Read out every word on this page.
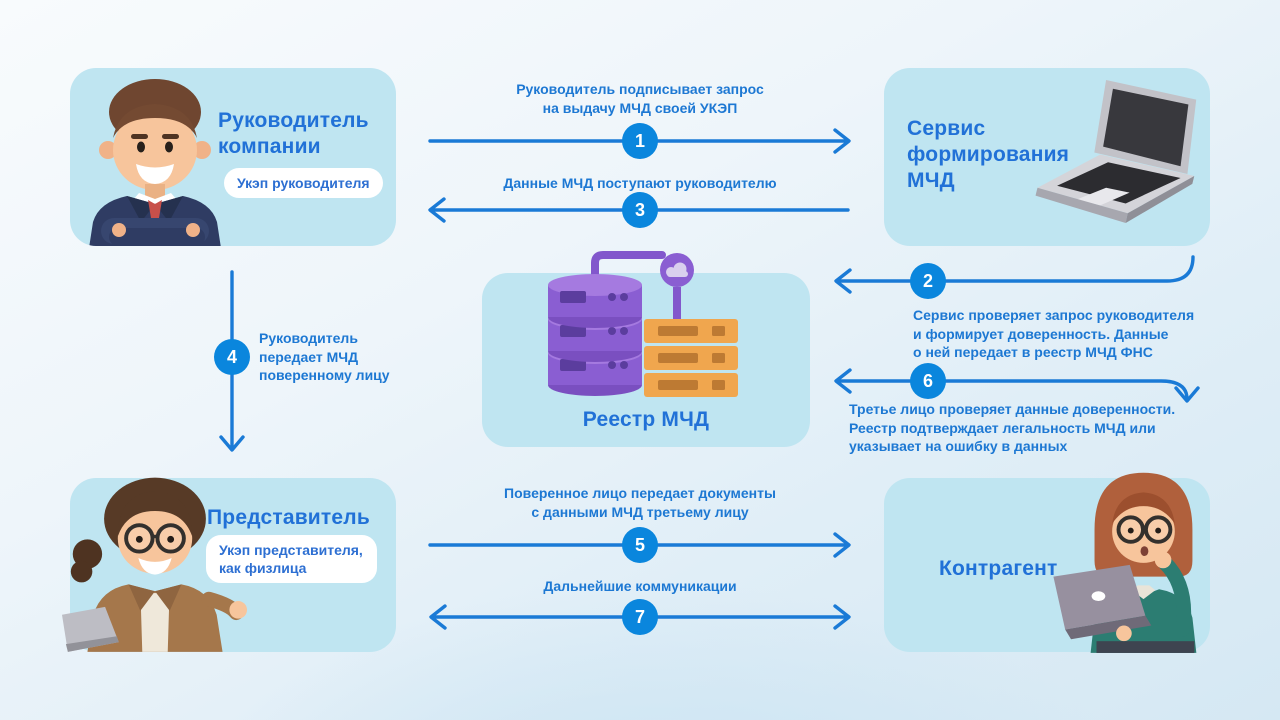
Руководитель компании
Укэп руководителя
Сервис формирования МЧД
Реестр МЧД
Представитель
Укэп представителя, как физлица	Контрагент
Руководитель подписывает запрос
на выдачу МЧД своей УКЭП
1
Данные МЧД поступают руководителю
3
Сервис проверяет запрос руководителя
и формирует доверенность. Данные
о ней передает в реестр МЧД ФНС
2
Третье лицо проверяет данные доверенности.
Реестр подтверждает легальность МЧД или
указывает на ошибку в данных
6
Руководитель
передает МЧД
поверенному лицу
4
Поверенное лицо передает документы
с данными МЧД третьему лицу
5
Дальнейшие коммуникации
7
